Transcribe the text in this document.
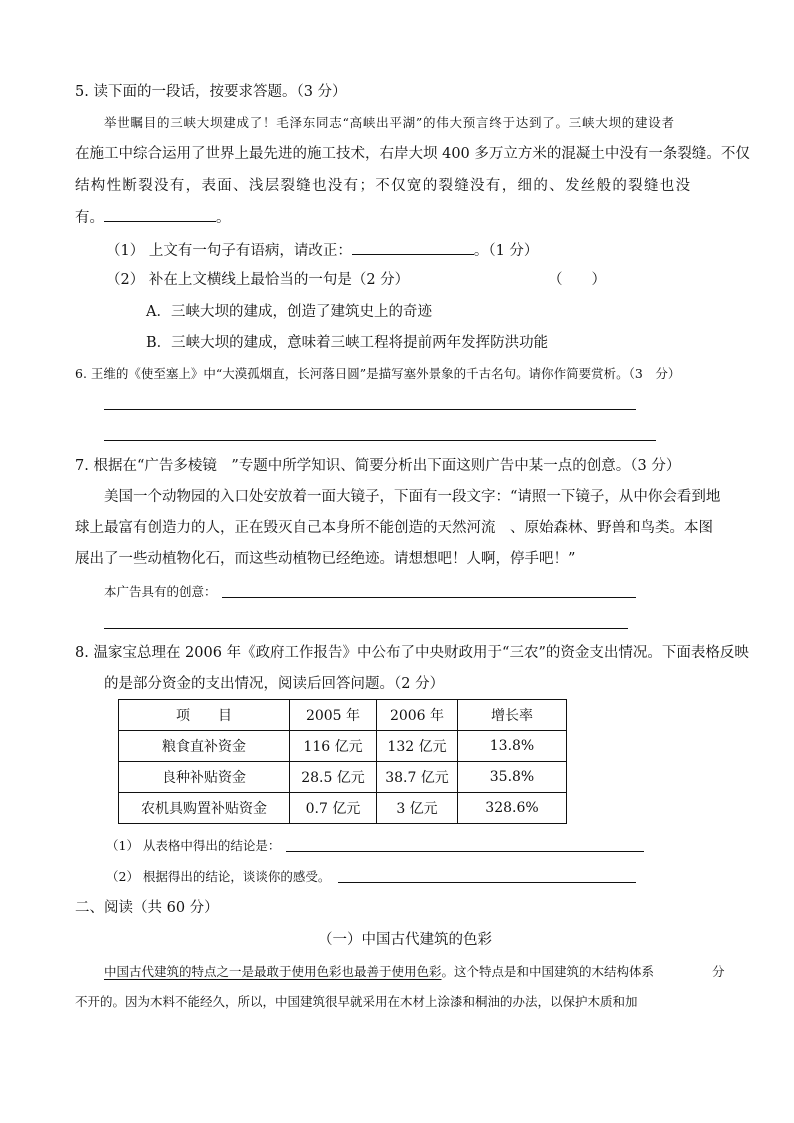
5. 读下面的一段话，按要求答题。（3 分）
举世瞩目的三峡大坝建成了！毛泽东同志“高峡出平湖”的伟大预言终于达到了。三峡大坝的建设者
在施工中综合运用了世界上最先进的施工技术，右岸大坝 400 多万立方米的混凝土中没有一条裂缝。不仅
结构性断裂没有，表面、浅层裂缝也没有；不仅宽的裂缝没有，细的、发丝般的裂缝也没
有。	。
（1） 上文有一句子有语病，请改正：	。（1 分）
（2） 补在上文横线上最恰当的一句是（2 分）	（　　）
A．三峡大坝的建成，创造了建筑史上的奇迹
B．三峡大坝的建成，意味着三峡工程将提前两年发挥防洪功能
6. 王维的《使至塞上》中“大漠孤烟直，长河落日圆”是描写塞外景象的千古名句。请你作简要赏析。（3　分）
7. 根据在“广告多棱镜　”专题中所学知识、简要分析出下面这则广告中某一点的创意。（3 分）
美国一个动物园的入口处安放着一面大镜子，下面有一段文字：“请照一下镜子，从中你会看到地
球上最富有创造力的人，正在毁灭自己本身所不能创造的天然河流　、原始森林、野兽和鸟类。本图
展出了一些动植物化石，而这些动植物已经绝迹。请想想吧！人啊，停手吧！”
本广告具有的创意：
8. 温家宝总理在 2006 年《政府工作报告》中公布了中央财政用于“三农”的资金支出情况。下面表格反映
的是部分资金的支出情况，阅读后回答问题。（2 分）
项　　目	2005 年	2006 年	增长率
粮食直补资金	116 亿元	132 亿元	13.8%
良种补贴资金	28.5 亿元	38.7 亿元	35.8%
农机具购置补贴资金	0.7 亿元	3 亿元	328.6%
（1） 从表格中得出的结论是：
（2） 根据得出的结论，谈谈你的感受。
二、阅读（共 60 分）
（一）中国古代建筑的色彩
中国古代建筑的特点之一是最敢于使用色彩也最善于使用色彩。这个特点是和中国建筑的木结构体系	分
不开的。因为木料不能经久，所以，中国建筑很早就采用在木材上涂漆和桐油的办法，以保护木质和加
